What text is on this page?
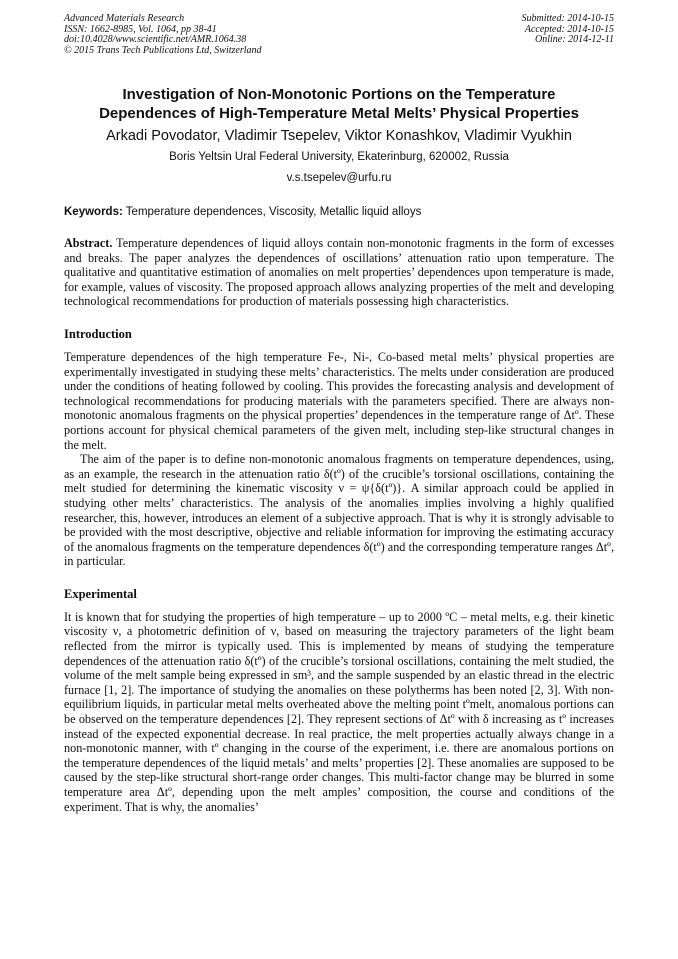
Advanced Materials Research
ISSN: 1662-8985, Vol. 1064, pp 38-41
doi:10.4028/www.scientific.net/AMR.1064.38
© 2015 Trans Tech Publications Ltd, Switzerland
Submitted: 2014-10-15
Accepted: 2014-10-15
Online: 2014-12-11
Investigation of Non-Monotonic Portions on the Temperature
Dependences of High-Temperature Metal Melts’ Physical Properties
Arkadi Povodator, Vladimir Tsepelev, Viktor Konashkov, Vladimir Vyukhin
Boris Yeltsin Ural Federal University, Ekaterinburg, 620002, Russia
v.s.tsepelev@urfu.ru
Keywords: Temperature dependences, Viscosity, Metallic liquid alloys

Abstract. Temperature dependences of liquid alloys contain non-monotonic fragments in the form of excesses and breaks. The paper analyzes the dependences of oscillations’ attenuation ratio upon temperature. The qualitative and quantitative estimation of anomalies on melt properties’ dependences upon temperature is made, for example, values of viscosity. The proposed approach allows analyzing properties of the melt and developing technological recommendations for production of materials possessing high characteristics.

Introduction

Temperature dependences of the high temperature Fe-, Ni-, Co-based metal melts’ physical properties are experimentally investigated in studying these melts’ characteristics. The melts under consideration are produced under the conditions of heating followed by cooling. This provides the forecasting analysis and development of technological recommendations for producing materials with the parameters specified. There are always non-monotonic anomalous fragments on the physical properties’ dependences in the temperature range of Δtº. These portions account for physical chemical parameters of the given melt, including step-like structural changes in the melt.

The aim of the paper is to define non-monotonic anomalous fragments on temperature dependences, using, as an example, the research in the attenuation ratio δ(tº) of the crucible’s torsional oscillations, containing the melt studied for determining the kinematic viscosity ν = ψ{δ(tº)}. A similar approach could be applied in studying other melts’ characteristics. The analysis of the anomalies implies involving a highly qualified researcher, this, however, introduces an element of a subjective approach. That is why it is strongly advisable to be provided with the most descriptive, objective and reliable information for improving the estimating accuracy of the anomalous fragments on the temperature dependences δ(tº) and the corresponding temperature ranges Δtº, in particular.

Experimental

It is known that for studying the properties of high temperature – up to 2000 ºC – metal melts, e.g. their kinetic viscosity ν, a photometric definition of ν, based on measuring the trajectory parameters of the light beam reflected from the mirror is typically used. This is implemented by means of studying the temperature dependences of the attenuation ratio δ(tº) of the crucible’s torsional oscillations, containing the melt studied, the volume of the melt sample being expressed in sm³, and the sample suspended by an elastic thread in the electric furnace [1, 2]. The importance of studying the anomalies on these polytherms has been noted [2, 3]. With non-equilibrium liquids, in particular metal melts overheated above the melting point tºmelt, anomalous portions can be observed on the temperature dependences [2]. They represent sections of Δtº with δ increasing as tº increases instead of the expected exponential decrease. In real practice, the melt properties actually always change in a non-monotonic manner, with tº changing in the course of the experiment, i.e. there are anomalous portions on the temperature dependences of the liquid metals’ and melts’ properties [2]. These anomalies are supposed to be caused by the step-like structural short-range order changes. This multi-factor change may be blurred in some temperature area Δtº, depending upon the melt amples’ composition, the course and conditions of the experiment. That is why, the anomalies’
